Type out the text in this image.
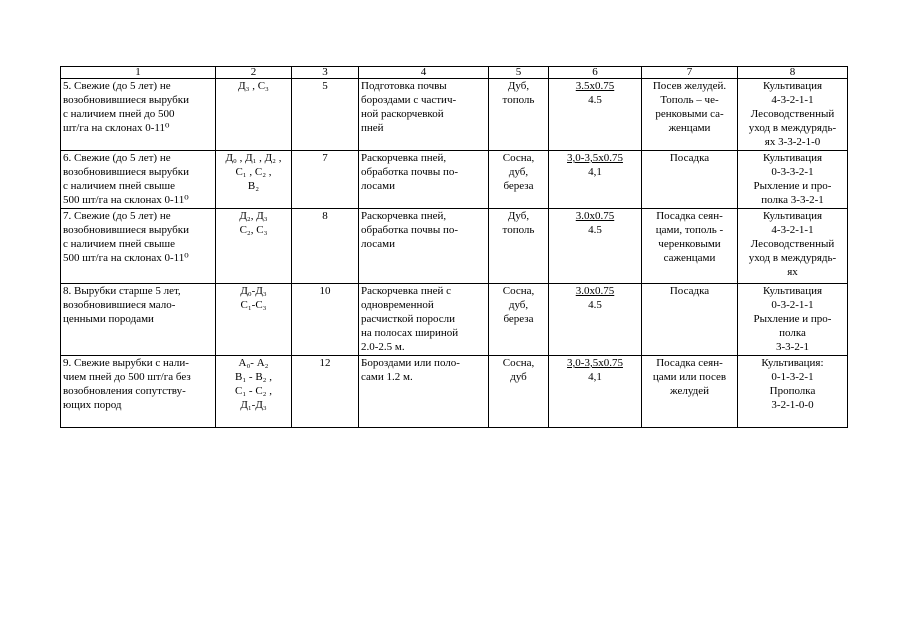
1	2	3	4	5	6	7	8

5. Свежие (до 5 лет) не
возобновившиеся вырубки
с наличием пней до 500
шт/га на склонах 0-11⁰	Д₃ , С₃	5	Подготовка почвы
бороздами с частич-
ной раскорчевкой
пней	Дуб,
тополь	3.5х0.75
4.5	Посев желудей.
Тополь – че-
ренковыми са-
женцами	Культивация
4-3-2-1-1
Лесоводственный
уход в междурядь-
ях 3-3-2-1-0

6. Свежие (до 5 лет) не
возобновившиеся вырубки
с наличием пней свыше
500 шт/га на склонах 0-11⁰	Д₀ , Д₁ , Д₂ ,
С₁ , С₂ ,
В₂	7	Раскорчевка пней,
обработка почвы по-
лосами	Сосна,
дуб,
береза	3,0-3,5х0.75
4,1	Посадка	Культивация
0-3-3-2-1
Рыхление и про-
полка 3-3-2-1

7. Свежие (до 5 лет) не
возобновившиеся вырубки
с наличием пней свыше
500 шт/га на склонах 0-11⁰	Д₂, Д₃
С₂, С₃	8	Раскорчевка пней,
обработка почвы по-
лосами	Дуб,
тополь	3.0х0.75
4.5	Посадка сеян-
цами, тополь -
черенковыми
саженцами	Культивация
4-3-2-1-1
Лесоводственный
уход в междурядь-
ях

8. Вырубки старше 5 лет,
возобновившиеся мало-
ценными породами	Д₀-Д₃
С₁-С₃	10	Раскорчевка пней с
одновременной
расчисткой поросли
на полосах шириной
2.0-2.5 м.	Сосна,
дуб,
береза	3.0х0.75
4.5	Посадка	Культивация
0-3-2-1-1
Рыхление и про-
полка
3-3-2-1

9. Свежие вырубки с нали-
чием пней до 500 шт/га без
возобновления сопутству-
ющих пород	А₀- А₂
В₁ - В₂ ,
С₁ - С₂ ,
Д₁-Д₃	12	Бороздами или поло-
сами 1.2 м.	Сосна,
дуб	3,0-3,5х0.75
4,1	Посадка сеян-
цами или посев
желудей	Культивация:
0-1-3-2-1
Прополка
3-2-1-0-0
